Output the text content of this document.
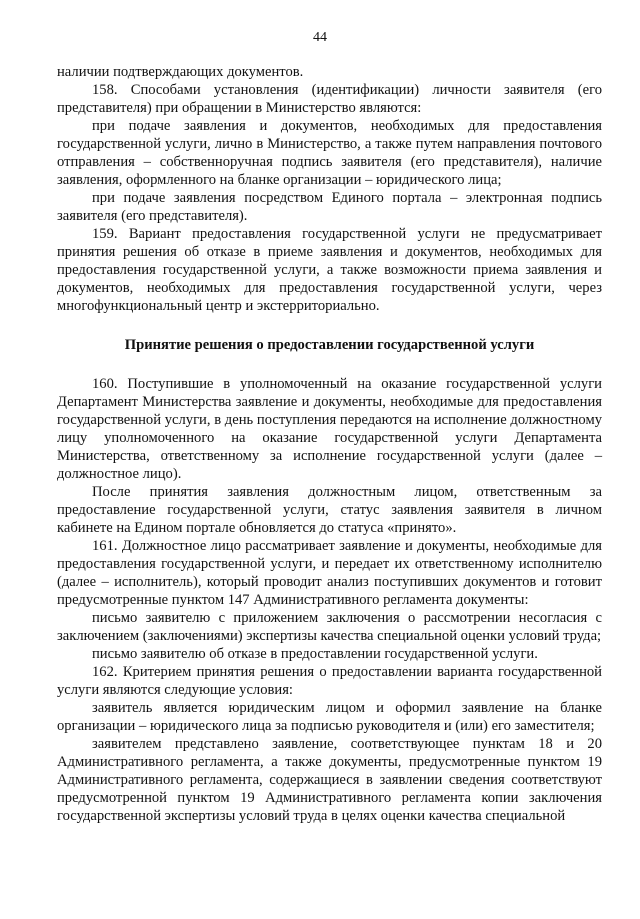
44

наличии подтверждающих документов.

158. Способами установления (идентификации) личности заявителя (его представителя) при обращении в Министерство являются:

при подаче заявления и документов, необходимых для предоставления государственной услуги, лично в Министерство, а также путем направления почтового отправления – собственноручная подпись заявителя (его представителя), наличие заявления, оформленного на бланке организации – юридического лица;

при подаче заявления посредством Единого портала – электронная подпись заявителя (его представителя).

159. Вариант предоставления государственной услуги не предусматривает принятия решения об отказе в приеме заявления и документов, необходимых для предоставления государственной услуги, а также возможности приема заявления и документов, необходимых для предоставления государственной услуги, через многофункциональный центр и экстерриториально.

Принятие решения о предоставлении государственной услуги

160. Поступившие в уполномоченный на оказание государственной услуги Департамент Министерства заявление и документы, необходимые для предоставления государственной услуги, в день поступления передаются на исполнение должностному лицу уполномоченного на оказание государственной услуги Департамента Министерства, ответственному за исполнение государственной услуги (далее – должностное лицо).

После принятия заявления должностным лицом, ответственным за предоставление государственной услуги, статус заявления заявителя в личном кабинете на Едином портале обновляется до статуса «принято».

161. Должностное лицо рассматривает заявление и документы, необходимые для предоставления государственной услуги, и передает их ответственному исполнителю (далее – исполнитель), который проводит анализ поступивших документов и готовит предусмотренные пунктом 147 Административного регламента документы:

письмо заявителю с приложением заключения о рассмотрении несогласия с заключением (заключениями) экспертизы качества специальной оценки условий труда;

письмо заявителю об отказе в предоставлении государственной услуги.

162. Критерием принятия решения о предоставлении варианта государственной услуги являются следующие условия:

заявитель является юридическим лицом и оформил заявление на бланке организации – юридического лица за подписью руководителя и (или) его заместителя;

заявителем представлено заявление, соответствующее пунктам 18 и 20 Административного регламента, а также документы, предусмотренные пунктом 19 Административного регламента, содержащиеся в заявлении сведения соответствуют предусмотренной пунктом 19 Административного регламента копии заключения государственной экспертизы условий труда в целях оценки качества специальной
